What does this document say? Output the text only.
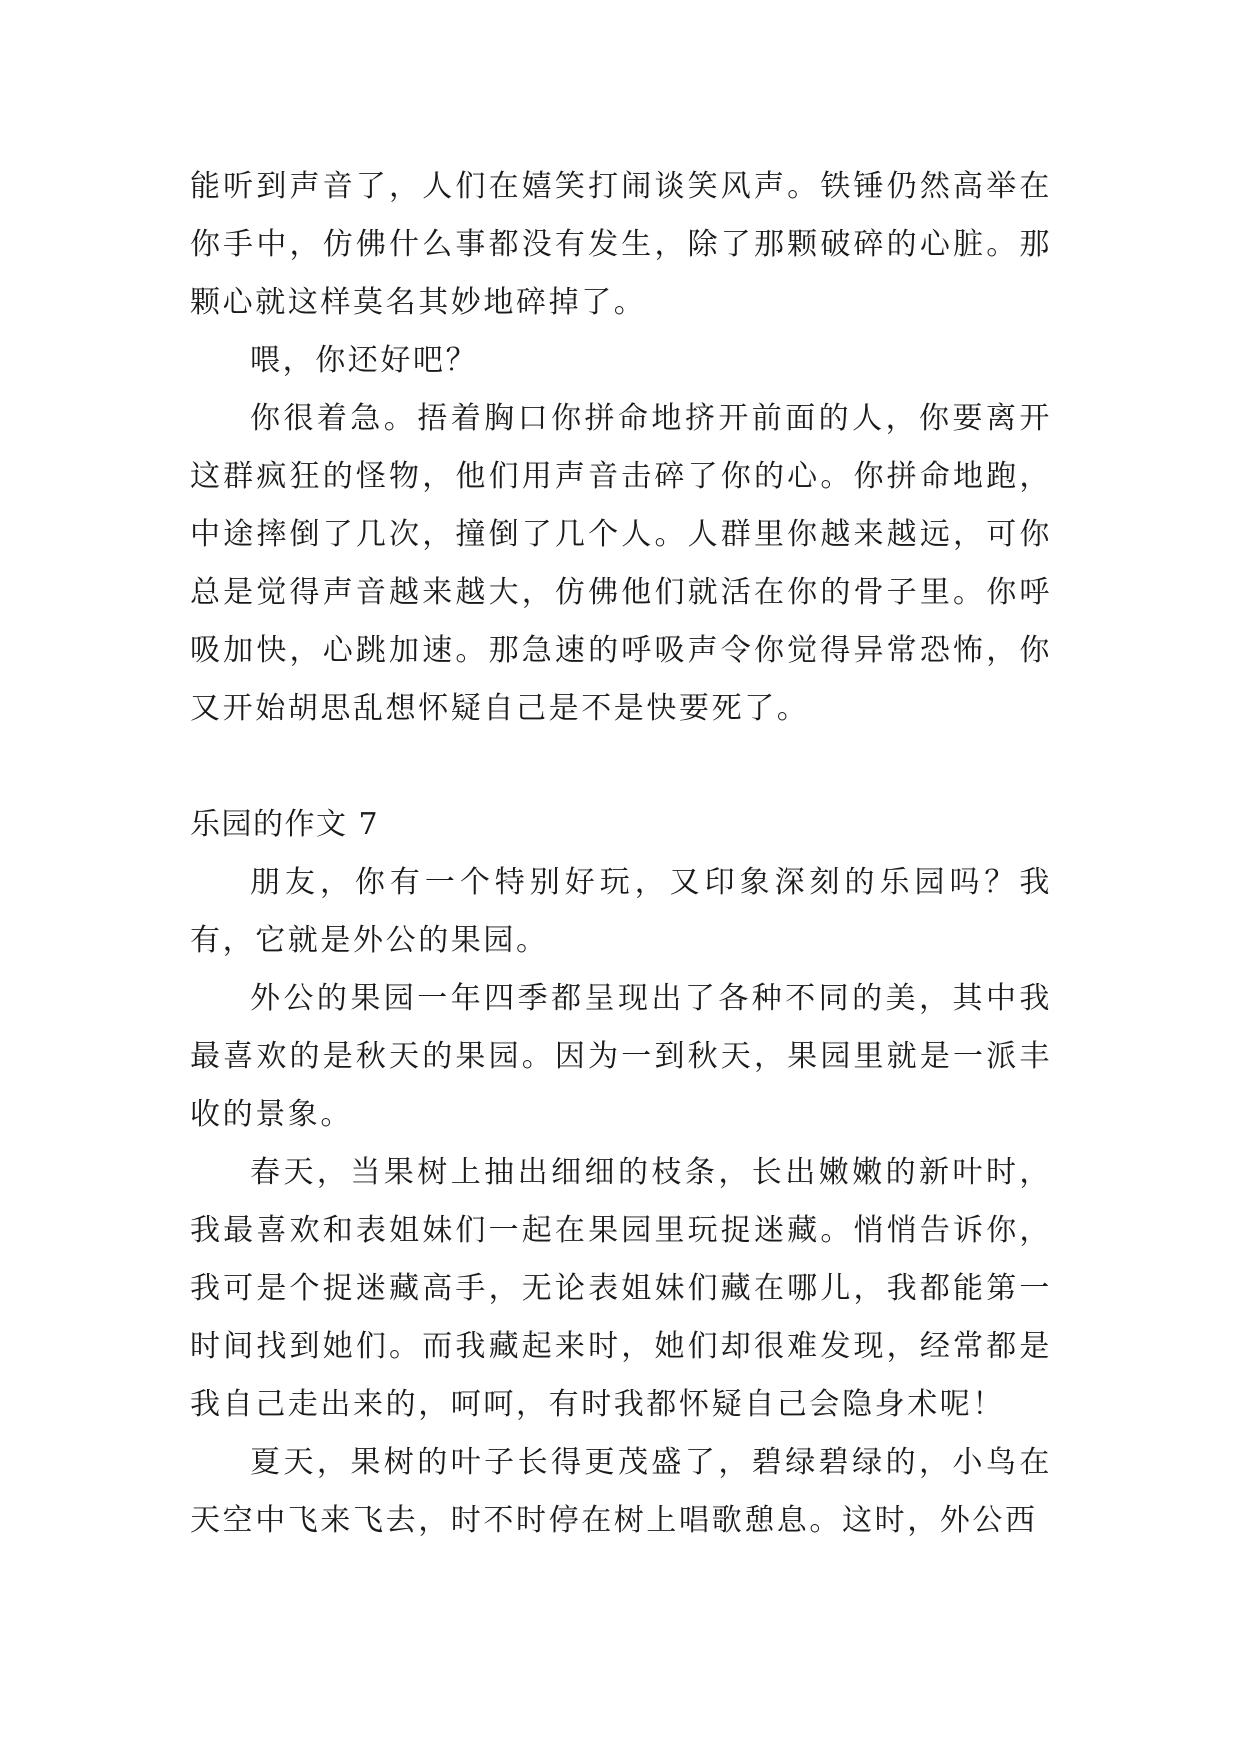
能听到声音了，人们在嬉笑打闹谈笑风声。铁锤仍然高举在你手中，仿佛什么事都没有发生，除了那颗破碎的心脏。那颗心就这样莫名其妙地碎掉了。

喂，你还好吧？

你很着急。捂着胸口你拼命地挤开前面的人，你要离开这群疯狂的怪物，他们用声音击碎了你的心。你拼命地跑，中途摔倒了几次，撞倒了几个人。人群里你越来越远，可你总是觉得声音越来越大，仿佛他们就活在你的骨子里。你呼吸加快，心跳加速。那急速的呼吸声令你觉得异常恐怖，你又开始胡思乱想怀疑自己是不是快要死了。

乐园的作文 7

朋友，你有一个特别好玩，又印象深刻的乐园吗？我有，它就是外公的果园。

外公的果园一年四季都呈现出了各种不同的美，其中我最喜欢的是秋天的果园。因为一到秋天，果园里就是一派丰收的景象。

春天，当果树上抽出细细的枝条，长出嫩嫩的新叶时，我最喜欢和表姐妹们一起在果园里玩捉迷藏。悄悄告诉你，我可是个捉迷藏高手，无论表姐妹们藏在哪儿，我都能第一时间找到她们。而我藏起来时，她们却很难发现，经常都是我自己走出来的，呵呵，有时我都怀疑自己会隐身术呢！

夏天，果树的叶子长得更茂盛了，碧绿碧绿的，小鸟在天空中飞来飞去，时不时停在树上唱歌憩息。这时，外公西
